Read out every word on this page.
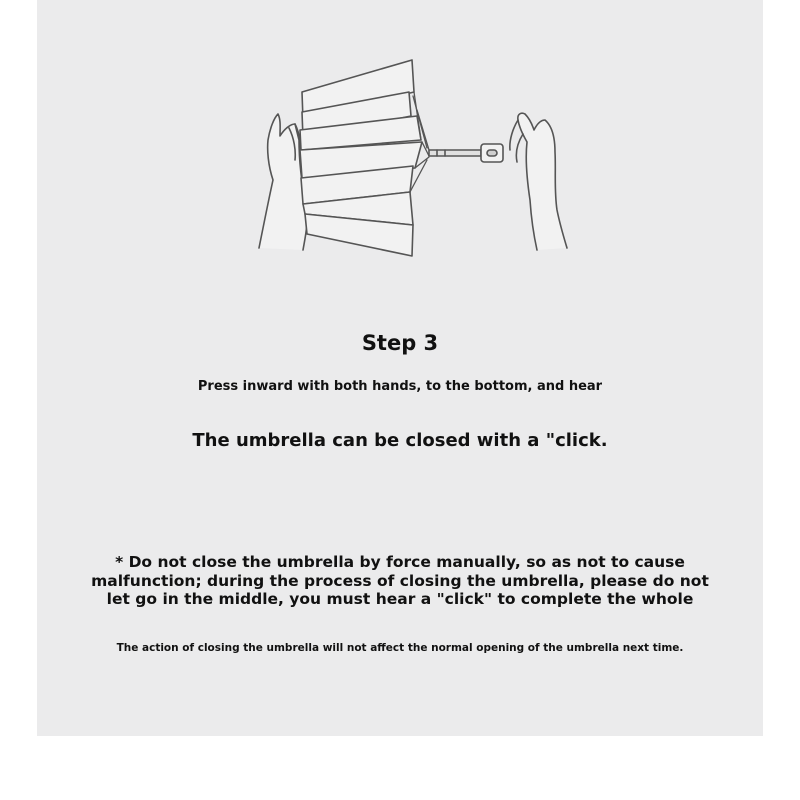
Step 3
Press inward with both hands, to the bottom, and hear
The umbrella can be closed with a "click.
* Do not close the umbrella by force manually, so as not to cause
malfunction; during the process of closing the umbrella, please do not
let go in the middle, you must hear a "click" to complete the whole
The action of closing the umbrella will not affect the normal opening of the umbrella next time.
